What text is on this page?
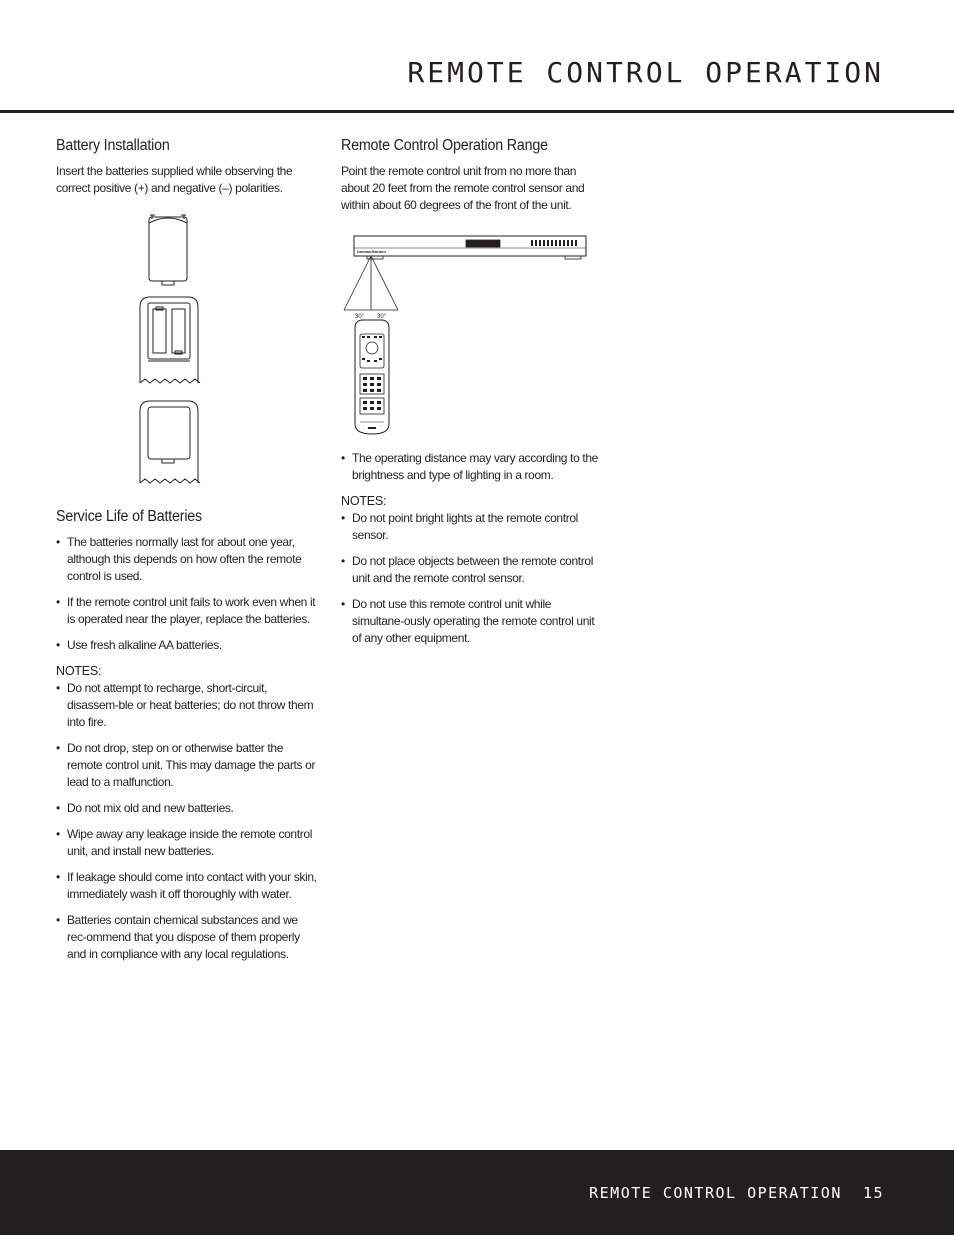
REMOTE CONTROL OPERATION
Battery Installation

Insert the batteries supplied while observing the correct positive (+) and negative (–) polarities.

Service Life of Batteries
• The batteries normally last for about one year, although this depends on how often the remote control is used.
• If the remote control unit fails to work even when it is operated near the player, replace the batteries.
• Use fresh alkaline AA batteries.

NOTES:

• Do not attempt to recharge, short-circuit, disassem-ble or heat batteries; do not throw them into fire.
• Do not drop, step on or otherwise batter the remote control unit. This may damage the parts or lead to a malfunction.
• Do not mix old and new batteries.
• Wipe away any leakage inside the remote control unit, and install new batteries.
• If leakage should come into contact with your skin, immediately wash it off thoroughly with water.
• Batteries contain chemical substances and we rec-ommend that you dispose of them properly and in compliance with any local regulations.
Remote Control Operation Range

Point the remote control unit from no more than about 20 feet from the remote control sensor and within about 60 degrees of the front of the unit.

30° 30°
harman/kardon
• The operating distance may vary according to the brightness and type of lighting in a room.

NOTES:

• Do not point bright lights at the remote control sensor.
• Do not place objects between the remote control unit and the remote control sensor.
• Do not use this remote control unit while simultane-ously operating the remote control unit of any other equipment.
REMOTE CONTROL OPERATION 15
